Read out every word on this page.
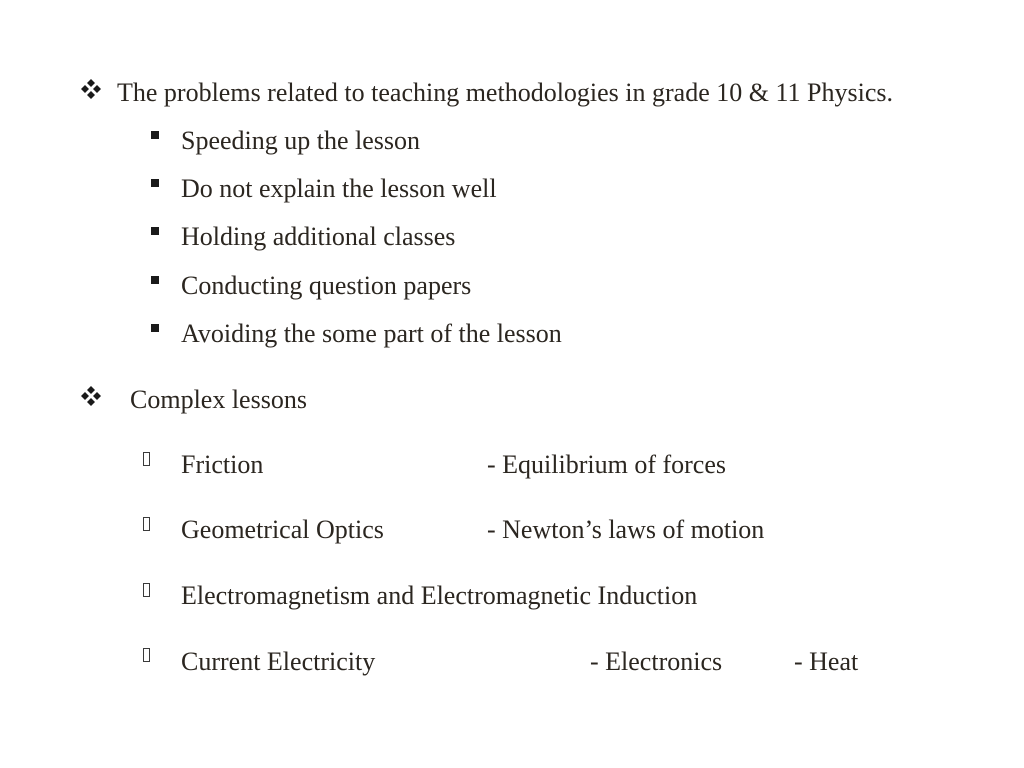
The problems related to teaching methodologies in grade 10 & 11 Physics.
Speeding up the lesson
Do not explain the lesson well
Holding additional classes
Conducting question papers
Avoiding the some part of the lesson
Complex lessons
Friction	- Equilibrium of forces
Geometrical Optics	- Newton’s laws of motion
Electromagnetism and Electromagnetic Induction
Current Electricity	- Electronics	- Heat
